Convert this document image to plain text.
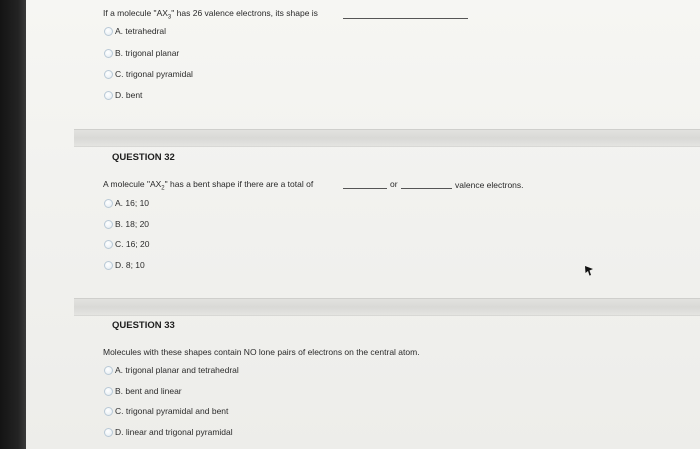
If a molecule "$AX_3$" has 26 valence electrons, its shape is
A. tetrahedral
B. trigonal planar
C. trigonal pyramidal
D. bent
QUESTION 32
A molecule "$AX_2$" has a bent shape if there are a total of	or	valence electrons.
A. 16; 10
B. 18; 20
C. 16; 20
D. 8; 10
QUESTION 33
Molecules with these shapes contain NO lone pairs of electrons on the central atom.
A. trigonal planar and tetrahedral
B. bent and linear
C. trigonal pyramidal and bent
D. linear and trigonal pyramidal
